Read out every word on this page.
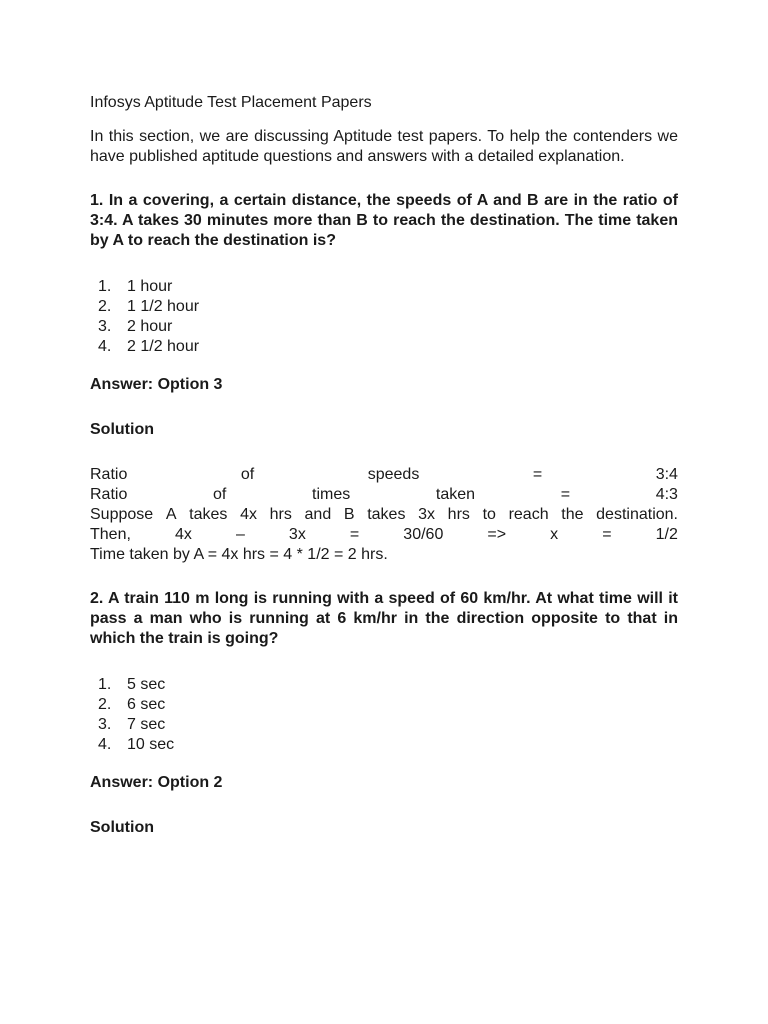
Infosys Aptitude Test Placement Papers

In this section, we are discussing Aptitude test papers. To help the contenders we have published aptitude questions and answers with a detailed explanation.

1. In a covering, a certain distance, the speeds of A and B are in the ratio of 3:4. A takes 30 minutes more than B to reach the destination. The time taken by A to reach the destination is?

1. 1 hour
2. 1 1/2 hour
3. 2 hour
4. 2 1/2 hour

Answer: Option 3

Solution

Ratio	of	speeds	=	3:4
Ratio	of	times	taken	=	4:3
Suppose A takes 4x hrs and B takes 3x hrs to reach the destination.
Then,	4x	–	3x	=	30/60	=>	x	=	1/2
Time taken by A = 4x hrs = 4 * 1/2 = 2 hrs.

2. A train 110 m long is running with a speed of 60 km/hr. At what time will it pass a man who is running at 6 km/hr in the direction opposite to that in which the train is going?

1. 5 sec
2. 6 sec
3. 7 sec
4. 10 sec

Answer: Option 2

Solution
